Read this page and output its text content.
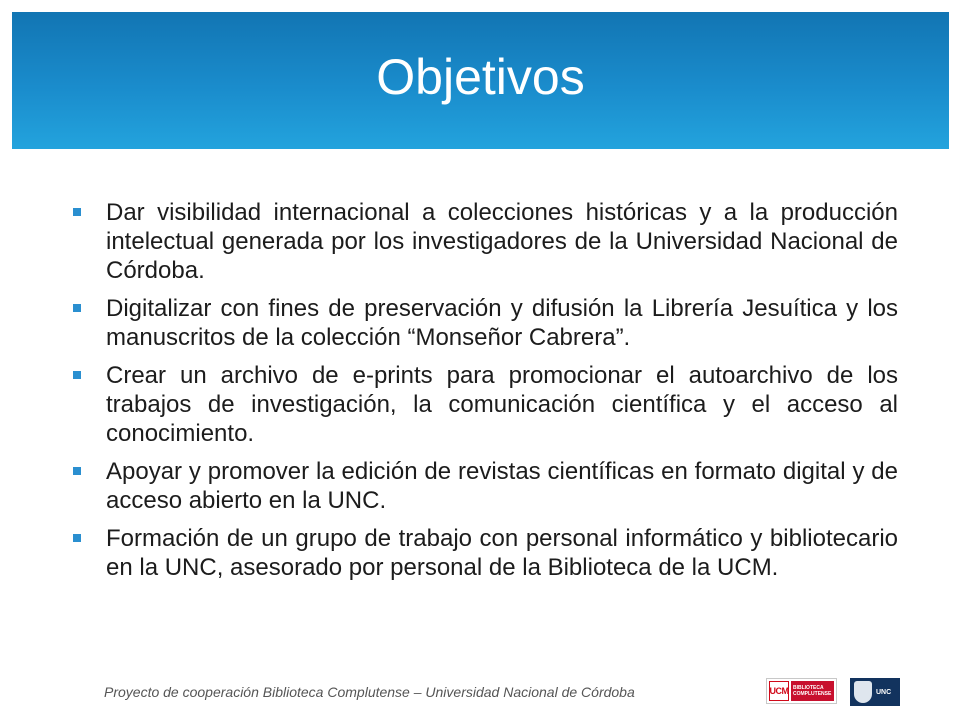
Objetivos
Dar visibilidad internacional a colecciones históricas y a la producción intelectual generada por los investigadores de la Universidad Nacional de Córdoba.
Digitalizar con fines de preservación y difusión la Librería Jesuítica y los manuscritos de la colección “Monseñor Cabrera”.
Crear un archivo de e-prints para promocionar el autoarchivo de los trabajos de investigación, la comunicación científica y el acceso al conocimiento.
Apoyar y promover la edición de revistas científicas en formato digital y de acceso abierto en la UNC.
Formación de un grupo de trabajo con personal informático y bibliotecario en la UNC, asesorado por personal de la Biblioteca de la UCM.
Proyecto de cooperación Biblioteca Complutense – Universidad Nacional de Córdoba	UCM BIBLIOTECA
COMPLUTENSE	UNC
